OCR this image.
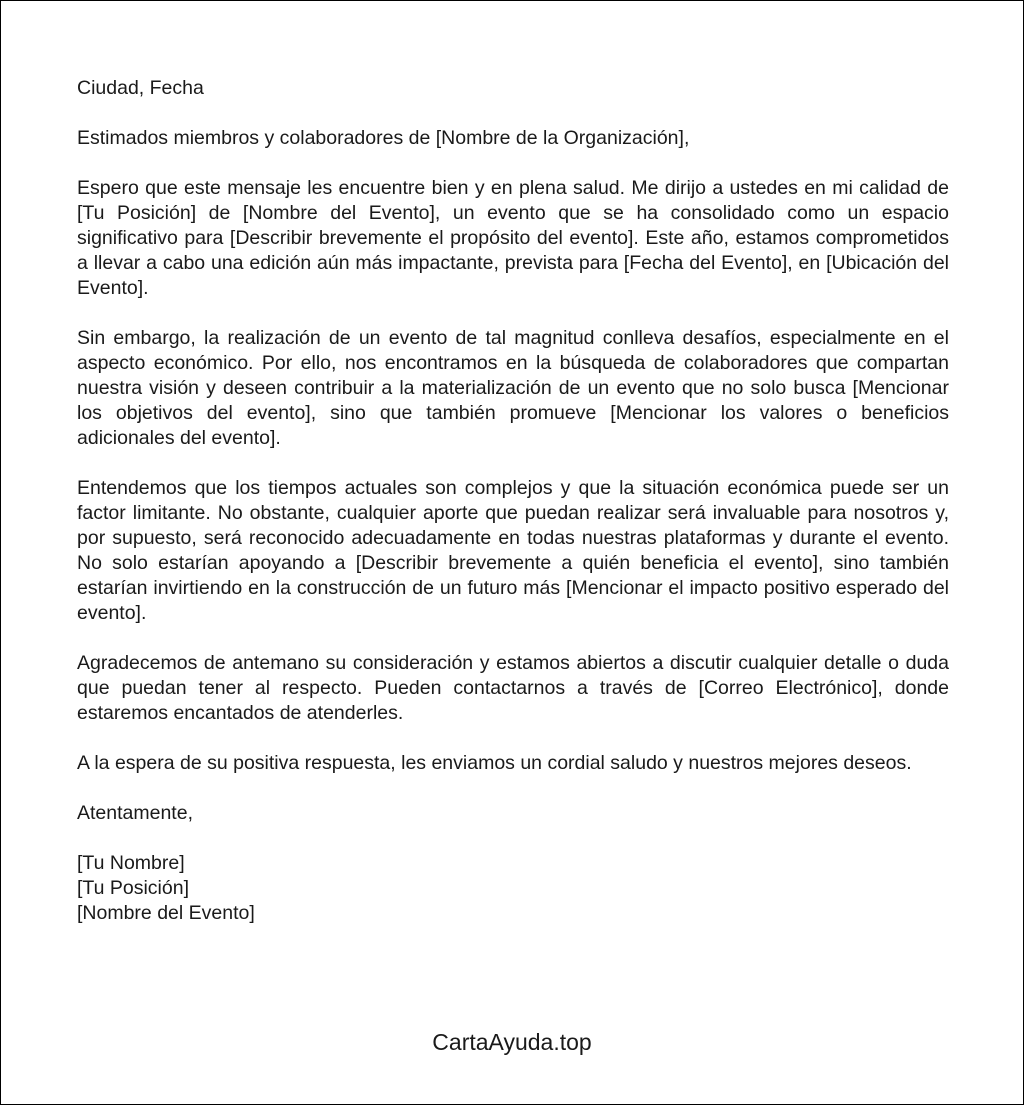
Ciudad, Fecha

Estimados miembros y colaboradores de [Nombre de la Organización],

Espero que este mensaje les encuentre bien y en plena salud. Me dirijo a ustedes en mi calidad de [Tu Posición] de [Nombre del Evento], un evento que se ha consolidado como un espacio significativo para [Describir brevemente el propósito del evento]. Este año, estamos comprometidos a llevar a cabo una edición aún más impactante, prevista para [Fecha del Evento], en [Ubicación del Evento].

Sin embargo, la realización de un evento de tal magnitud conlleva desafíos, especialmente en el aspecto económico. Por ello, nos encontramos en la búsqueda de colaboradores que compartan nuestra visión y deseen contribuir a la materialización de un evento que no solo busca [Mencionar los objetivos del evento], sino que también promueve [Mencionar los valores o beneficios adicionales del evento].

Entendemos que los tiempos actuales son complejos y que la situación económica puede ser un factor limitante. No obstante, cualquier aporte que puedan realizar será invaluable para nosotros y, por supuesto, será reconocido adecuadamente en todas nuestras plataformas y durante el evento. No solo estarían apoyando a [Describir brevemente a quién beneficia el evento], sino también estarían invirtiendo en la construcción de un futuro más [Mencionar el impacto positivo esperado del evento].

Agradecemos de antemano su consideración y estamos abiertos a discutir cualquier detalle o duda que puedan tener al respecto. Pueden contactarnos a través de [Correo Electrónico], donde estaremos encantados de atenderles.

A la espera de su positiva respuesta, les enviamos un cordial saludo y nuestros mejores deseos.

Atentamente,

[Tu Nombre]
[Tu Posición]
[Nombre del Evento]
CartaAyuda.top
